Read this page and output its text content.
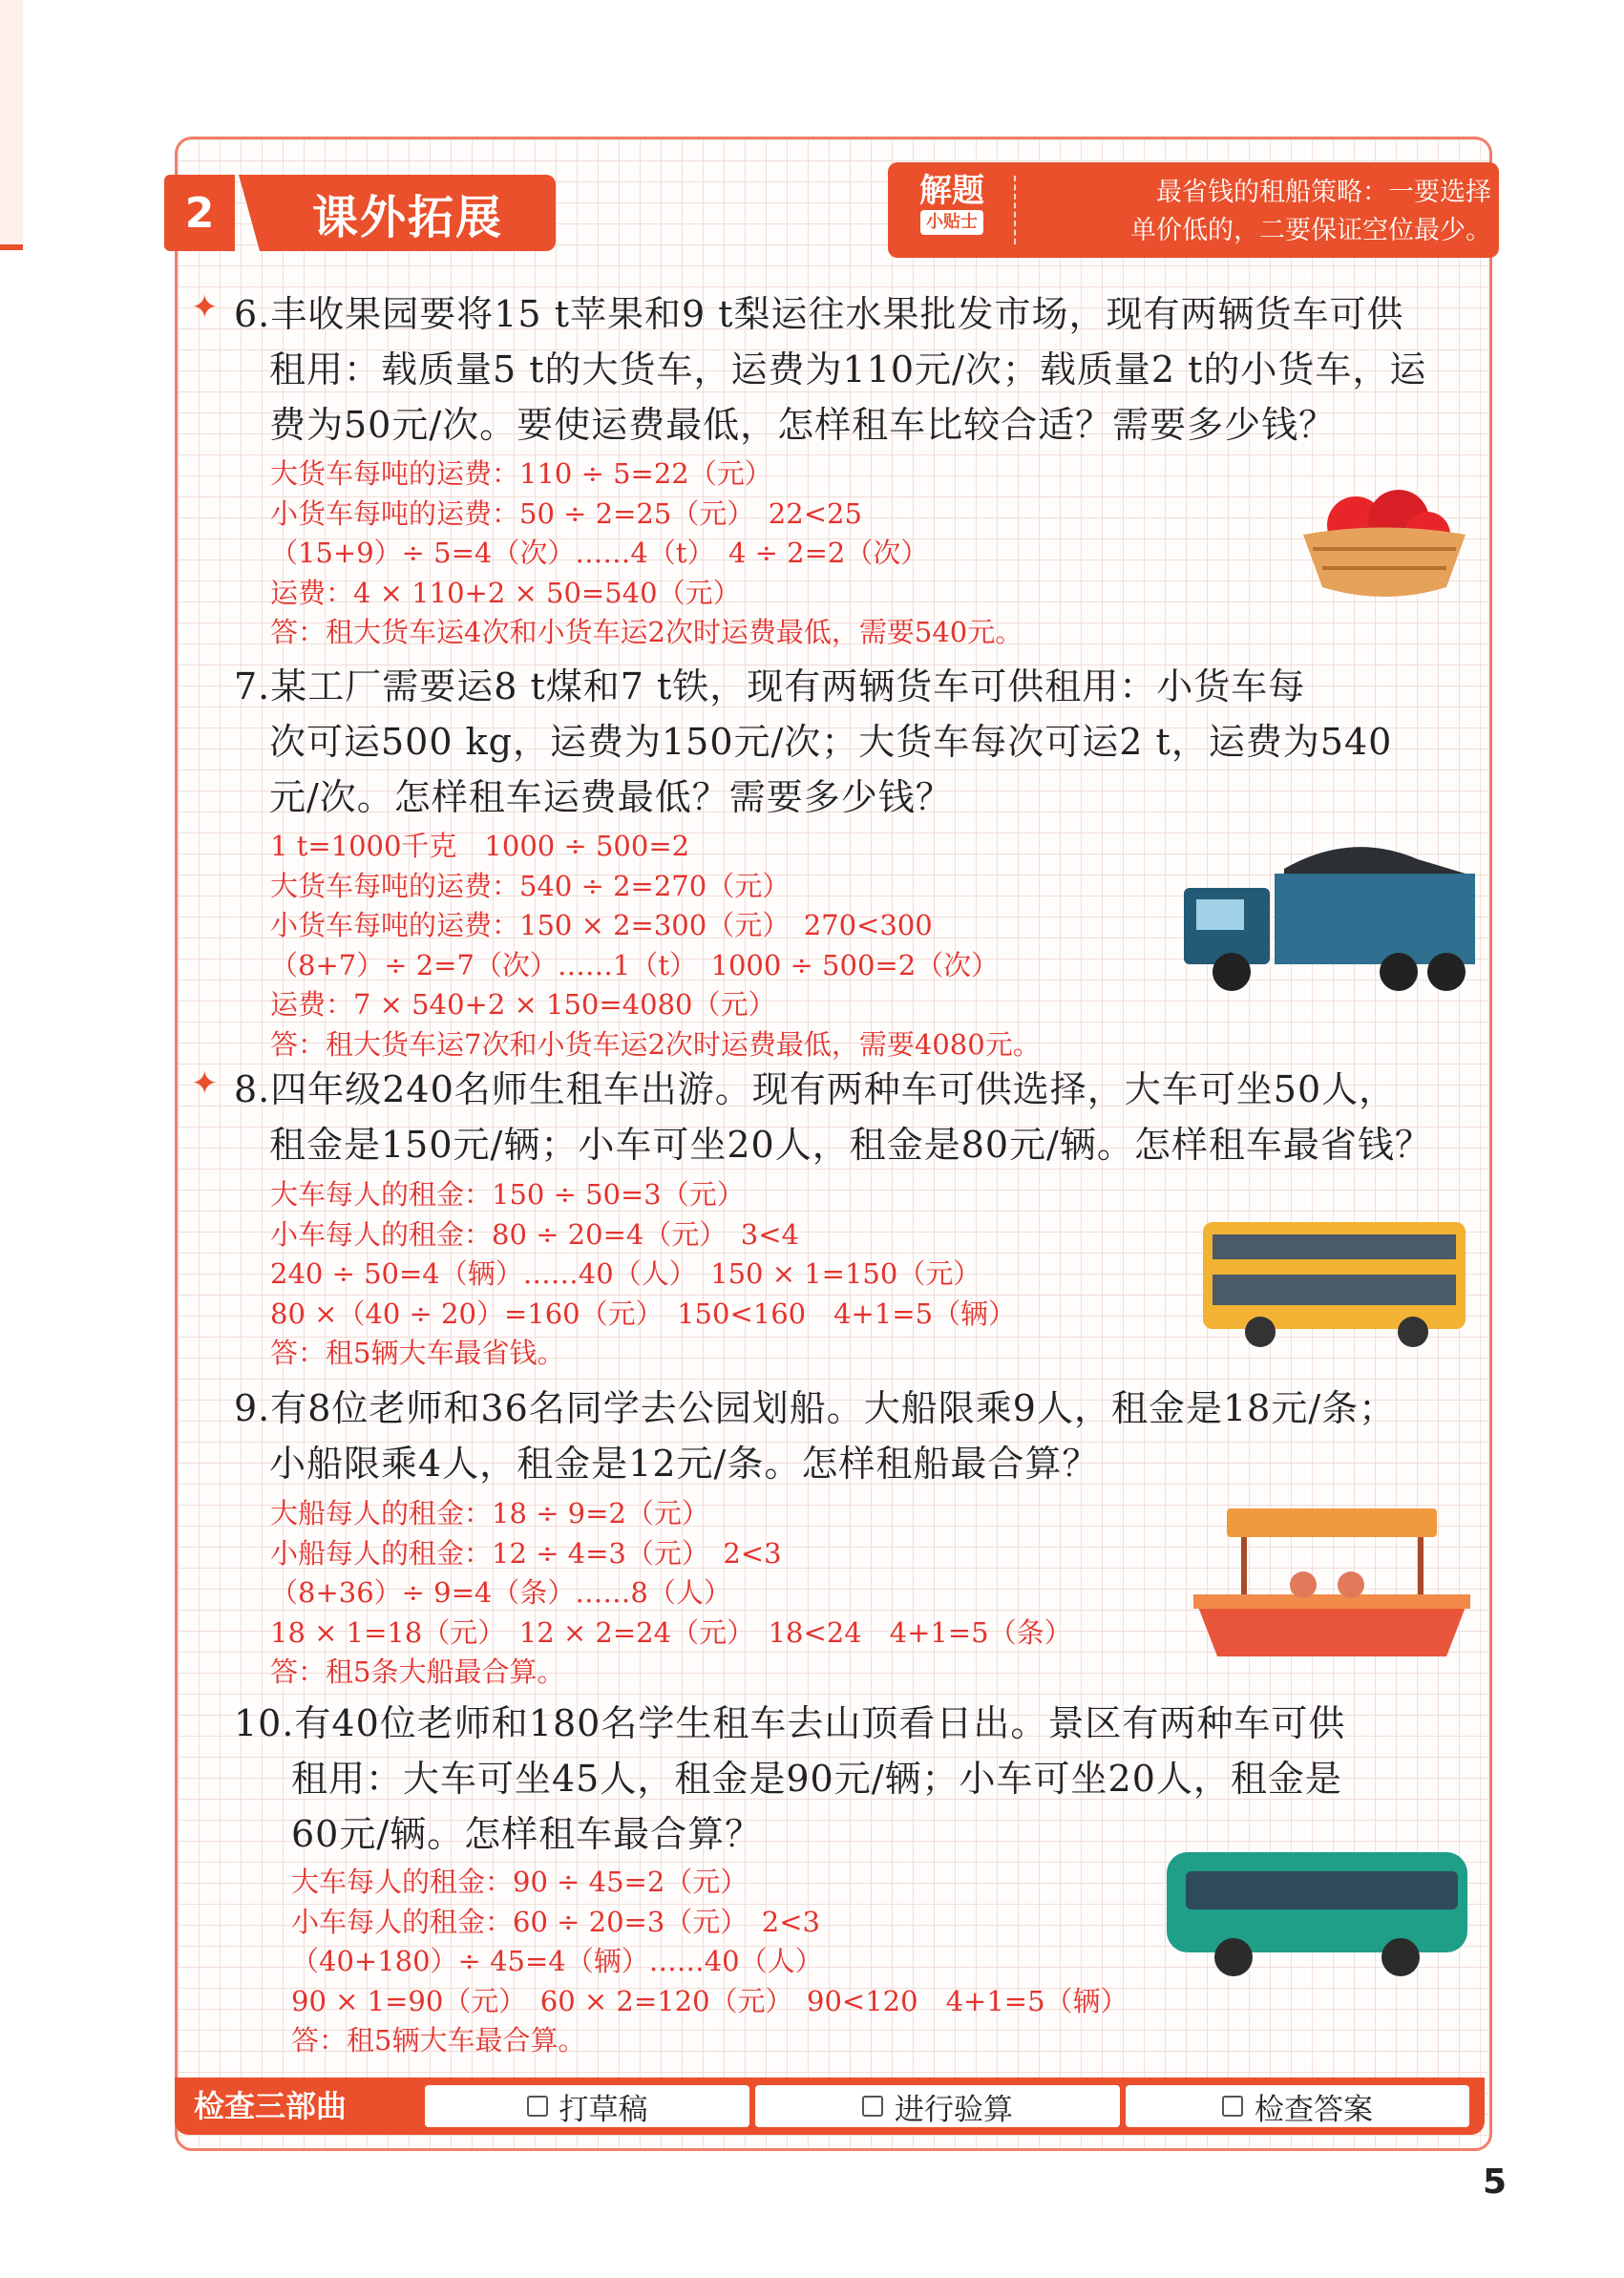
2	课外拓展	解题
小贴士
最省钱的租船策略：一要选择
单价低的，二要保证空位最少。
✦ 6.丰收果园要将15 t苹果和9 t梨运往水果批发市场，现有两辆货车可供
租用：载质量5 t的大货车，运费为110元/次；载质量2 t的小货车，运
费为50元/次。要使运费最低，怎样租车比较合适？需要多少钱？
大货车每吨的运费：110 ÷ 5=22（元）
小货车每吨的运费：50 ÷ 2=25（元）　22<25
（15+9）÷ 5=4（次）……4（t）　4 ÷ 2=2（次）
运费：4 × 110+2 × 50=540（元）
答：租大货车运4次和小货车运2次时运费最低，需要540元。
7.某工厂需要运8 t煤和7 t铁，现有两辆货车可供租用：小货车每
次可运500 kg，运费为150元/次；大货车每次可运2 t，运费为540
元/次。怎样租车运费最低？需要多少钱？
1 t=1000千克　1000 ÷ 500=2
大货车每吨的运费：540 ÷ 2=270（元）
小货车每吨的运费：150 × 2=300（元）　270<300
（8+7）÷ 2=7（次）……1（t）　1000 ÷ 500=2（次）
运费：7 × 540+2 × 150=4080（元）
答：租大货车运7次和小货车运2次时运费最低，需要4080元。
✦ 8.四年级240名师生租车出游。现有两种车可供选择，大车可坐50人，
租金是150元/辆；小车可坐20人，租金是80元/辆。怎样租车最省钱？
大车每人的租金：150 ÷ 50=3（元）
小车每人的租金：80 ÷ 20=4（元）　3<4
240 ÷ 50=4（辆）……40（人）　150 × 1=150（元）
80 ×（40 ÷ 20）=160（元）　150<160　4+1=5（辆）
答：租5辆大车最省钱。
9.有8位老师和36名同学去公园划船。大船限乘9人，租金是18元/条；
小船限乘4人，租金是12元/条。怎样租船最合算？
大船每人的租金：18 ÷ 9=2（元）
小船每人的租金：12 ÷ 4=3（元）　2<3
（8+36）÷ 9=4（条）……8（人）
18 × 1=18（元）　12 × 2=24（元）　18<24　4+1=5（条）
答：租5条大船最合算。
10.有40位老师和180名学生租车去山顶看日出。景区有两种车可供
租用：大车可坐45人，租金是90元/辆；小车可坐20人，租金是
60元/辆。怎样租车最合算？
大车每人的租金：90 ÷ 45=2（元）
小车每人的租金：60 ÷ 20=3（元）　2<3
（40+180）÷ 45=4（辆）……40（人）
90 × 1=90（元）　60 × 2=120（元）　90<120　4+1=5（辆）
答：租5辆大车最合算。
检查三部曲	打草稿	进行验算	检查答案
5
